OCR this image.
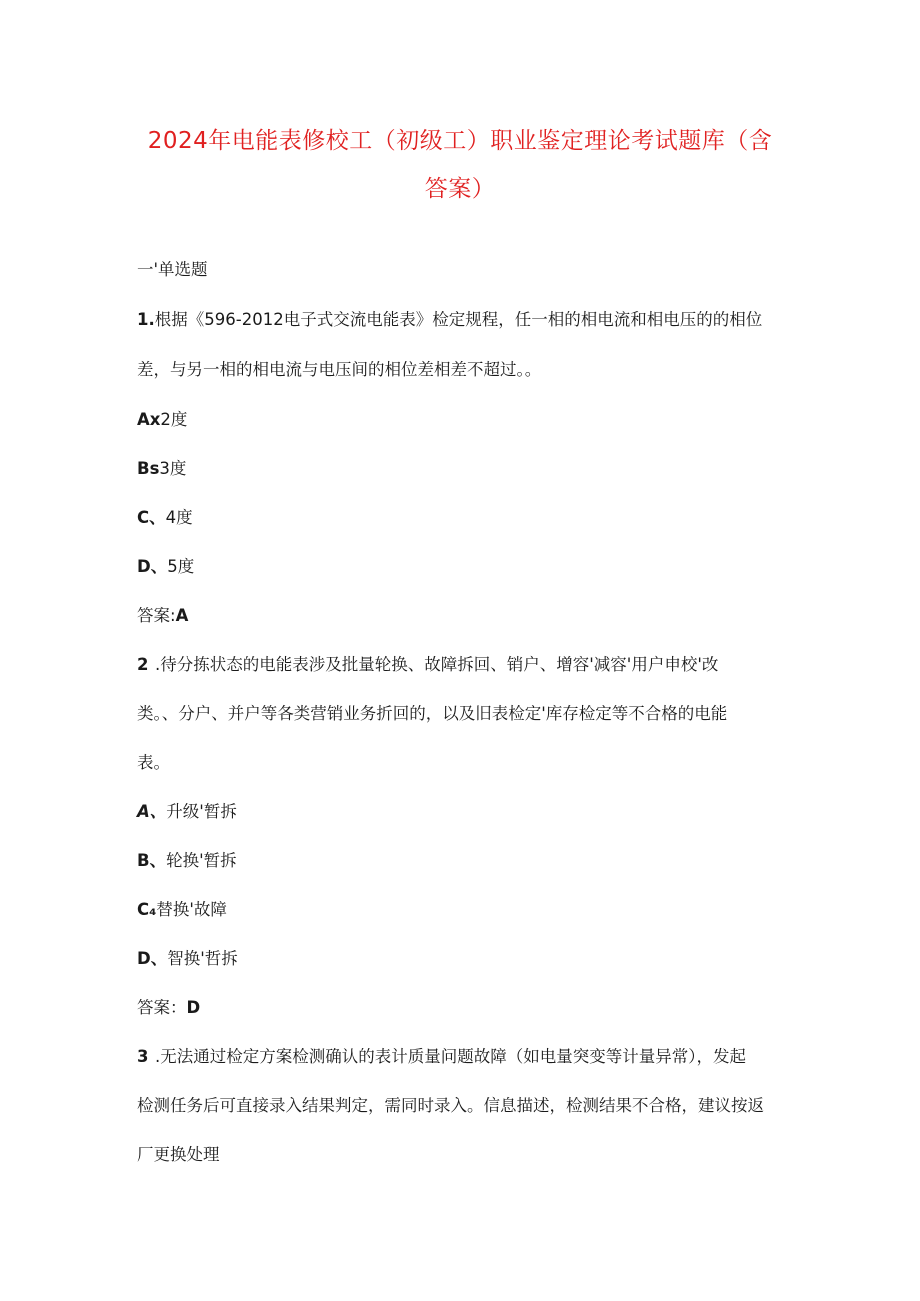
2024年电能表修校工（初级工）职业鉴定理论考试题库（含
答案）
一'单选题
1.根据《596-2012电子式交流电能表》检定规程，任一相的相电流和相电压的的相位
差，与另一相的相电流与电压间的相位差相差不超过。。
Ax2度
Bs3度
C、4度
D、5度
答案:A
2 .待分拣状态的电能表涉及批量轮换、故障拆回、销户、增容'减容'用户申校'改
类。、分户、并户等各类营销业务折回的，以及旧表检定'库存检定等不合格的电能
表。
A、升级'暂拆
B、轮换'暂拆
C₄替换'故障
D、智换'哲拆
答案：D
3 .无法通过检定方案检测确认的表计质量问题故障（如电量突变等计量异常），发起
检测任务后可直接录入结果判定，需同时录入。信息描述，检测结果不合格，建议按返
厂更换处理
